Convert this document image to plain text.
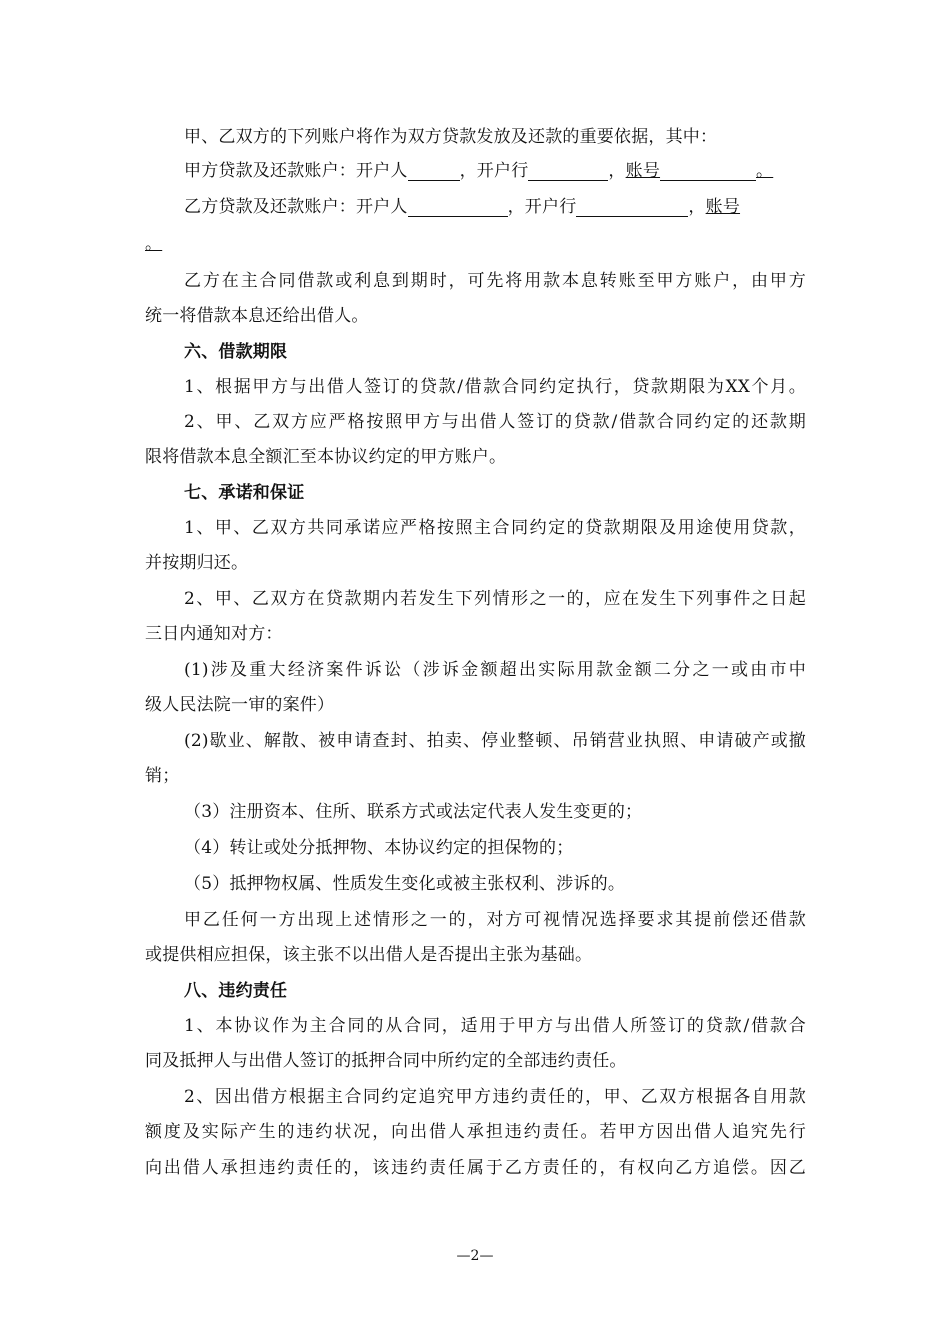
甲、乙双方的下列账户将作为双方贷款发放及还款的重要依据，其中：
甲方贷款及还款账户：开户人	，开户行	，账号	。
乙方贷款及还款账户：开户人	，开户行	，账号
。
乙方在主合同借款或利息到期时，可先将用款本息转账至甲方账户，由甲方
统一将借款本息还给出借人。
六、借款期限
1、根据甲方与出借人签订的贷款/借款合同约定执行，贷款期限为XX个月。
2、甲、乙双方应严格按照甲方与出借人签订的贷款/借款合同约定的还款期
限将借款本息全额汇至本协议约定的甲方账户。
七、承诺和保证
1、甲、乙双方共同承诺应严格按照主合同约定的贷款期限及用途使用贷款，
并按期归还。
2、甲、乙双方在贷款期内若发生下列情形之一的，应在发生下列事件之日起
三日内通知对方：
(1)涉及重大经济案件诉讼（涉诉金额超出实际用款金额二分之一或由市中
级人民法院一审的案件）
(2)歇业、解散、被申请查封、拍卖、停业整顿、吊销营业执照、申请破产或撤
销；
（3）注册资本、住所、联系方式或法定代表人发生变更的；
（4）转让或处分抵押物、本协议约定的担保物的；
（5）抵押物权属、性质发生变化或被主张权利、涉诉的。
甲乙任何一方出现上述情形之一的，对方可视情况选择要求其提前偿还借款
或提供相应担保，该主张不以出借人是否提出主张为基础。
八、违约责任
1、本协议作为主合同的从合同，适用于甲方与出借人所签订的贷款/借款合
同及抵押人与出借人签订的抵押合同中所约定的全部违约责任。
2、因出借方根据主合同约定追究甲方违约责任的，甲、乙双方根据各自用款
额度及实际产生的违约状况，向出借人承担违约责任。若甲方因出借人追究先行
向出借人承担违约责任的，该违约责任属于乙方责任的，有权向乙方追偿。因乙
—2—
